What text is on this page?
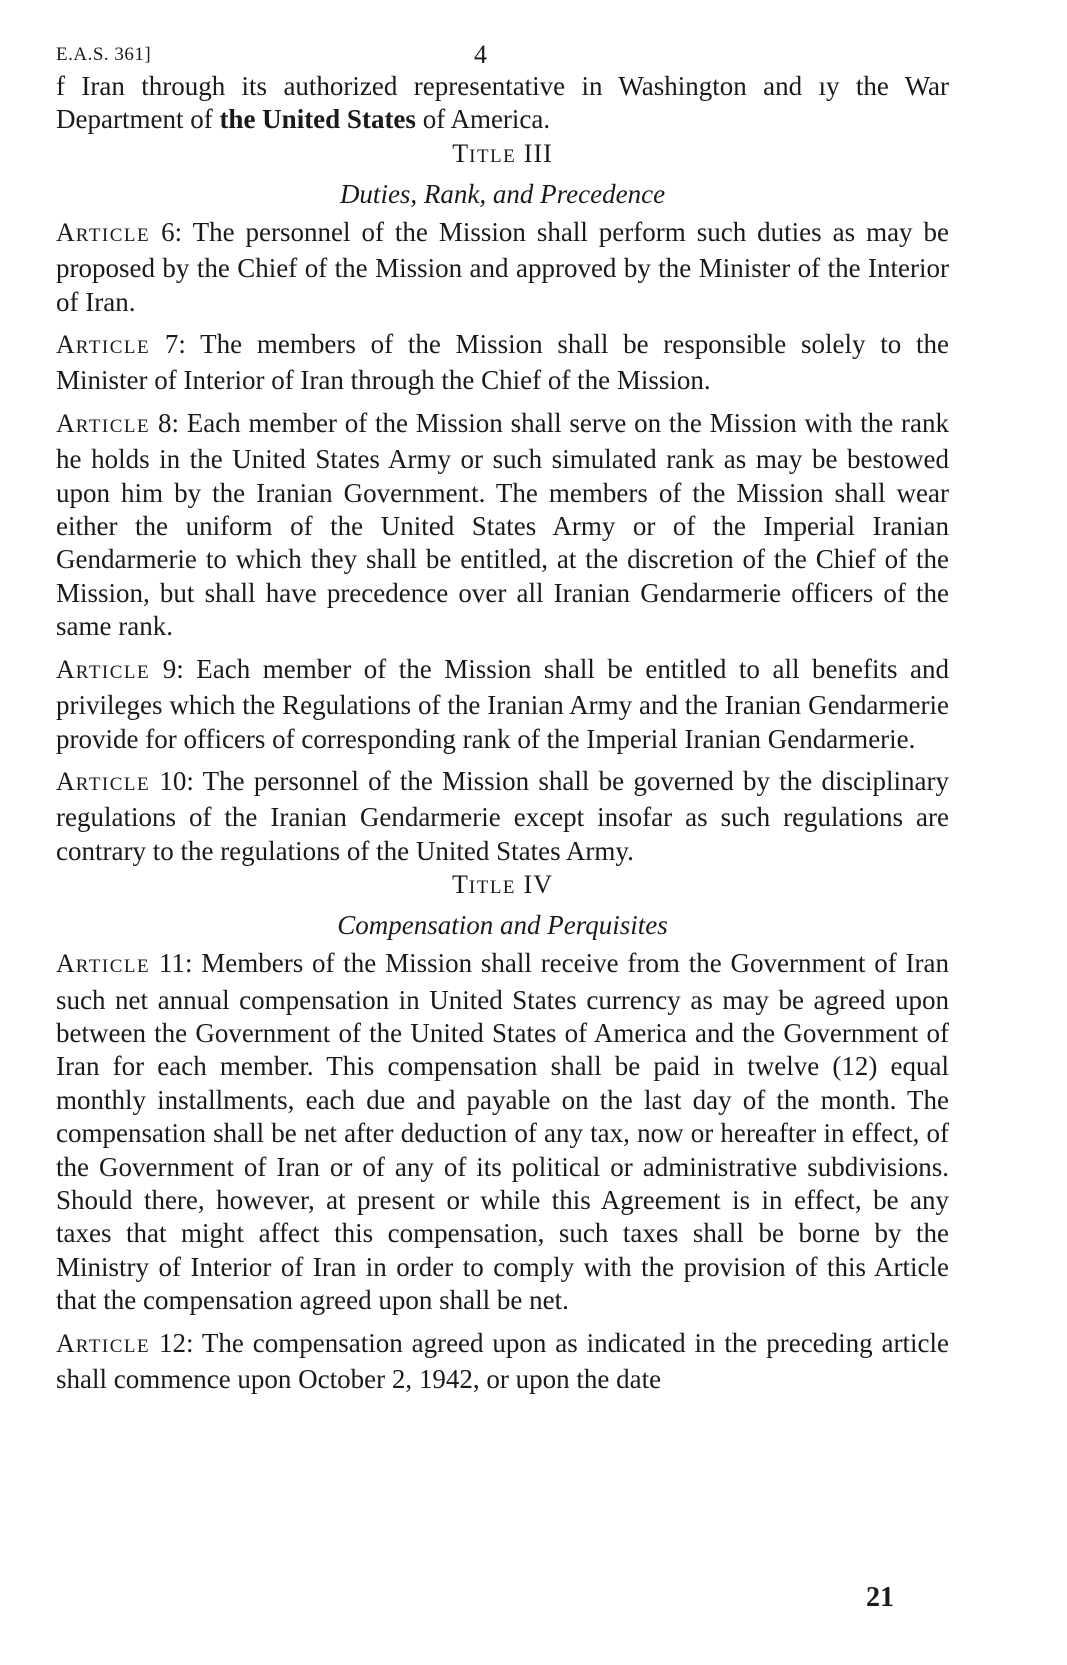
E.A.S. 361]	4

f Iran through its authorized representative in Washington and ıy the War Department of the United States of America.

TITLE III
Duties, Rank, and Precedence

ARTICLE 6: The personnel of the Mission shall perform such duties as may be proposed by the Chief of the Mission and approved by the Minister of the Interior of Iran.

ARTICLE 7: The members of the Mission shall be responsible solely to the Minister of Interior of Iran through the Chief of the Mission.

ARTICLE 8: Each member of the Mission shall serve on the Mission with the rank he holds in the United States Army or such simulated rank as may be bestowed upon him by the Iranian Government. The members of the Mission shall wear either the uniform of the United States Army or of the Imperial Iranian Gendarmerie to which they shall be entitled, at the discretion of the Chief of the Mission, but shall have precedence over all Iranian Gendarmerie officers of the same rank.

ARTICLE 9: Each member of the Mission shall be entitled to all benefits and privileges which the Regulations of the Iranian Army and the Iranian Gendarmerie provide for officers of corresponding rank of the Imperial Iranian Gendarmerie.

ARTICLE 10: The personnel of the Mission shall be governed by the disciplinary regulations of the Iranian Gendarmerie except insofar as such regulations are contrary to the regulations of the United States Army.

TITLE IV
Compensation and Perquisites

ARTICLE 11: Members of the Mission shall receive from the Government of Iran such net annual compensation in United States currency as may be agreed upon between the Government of the United States of America and the Government of Iran for each member. This compensation shall be paid in twelve (12) equal monthly installments, each due and payable on the last day of the month. The compensation shall be net after deduction of any tax, now or hereafter in effect, of the Government of Iran or of any of its political or administrative subdivisions. Should there, however, at present or while this Agreement is in effect, be any taxes that might affect this compensation, such taxes shall be borne by the Ministry of Interior of Iran in order to comply with the provision of this Article that the compensation agreed upon shall be net.

ARTICLE 12: The compensation agreed upon as indicated in the preceding article shall commence upon October 2, 1942, or upon the date

21
